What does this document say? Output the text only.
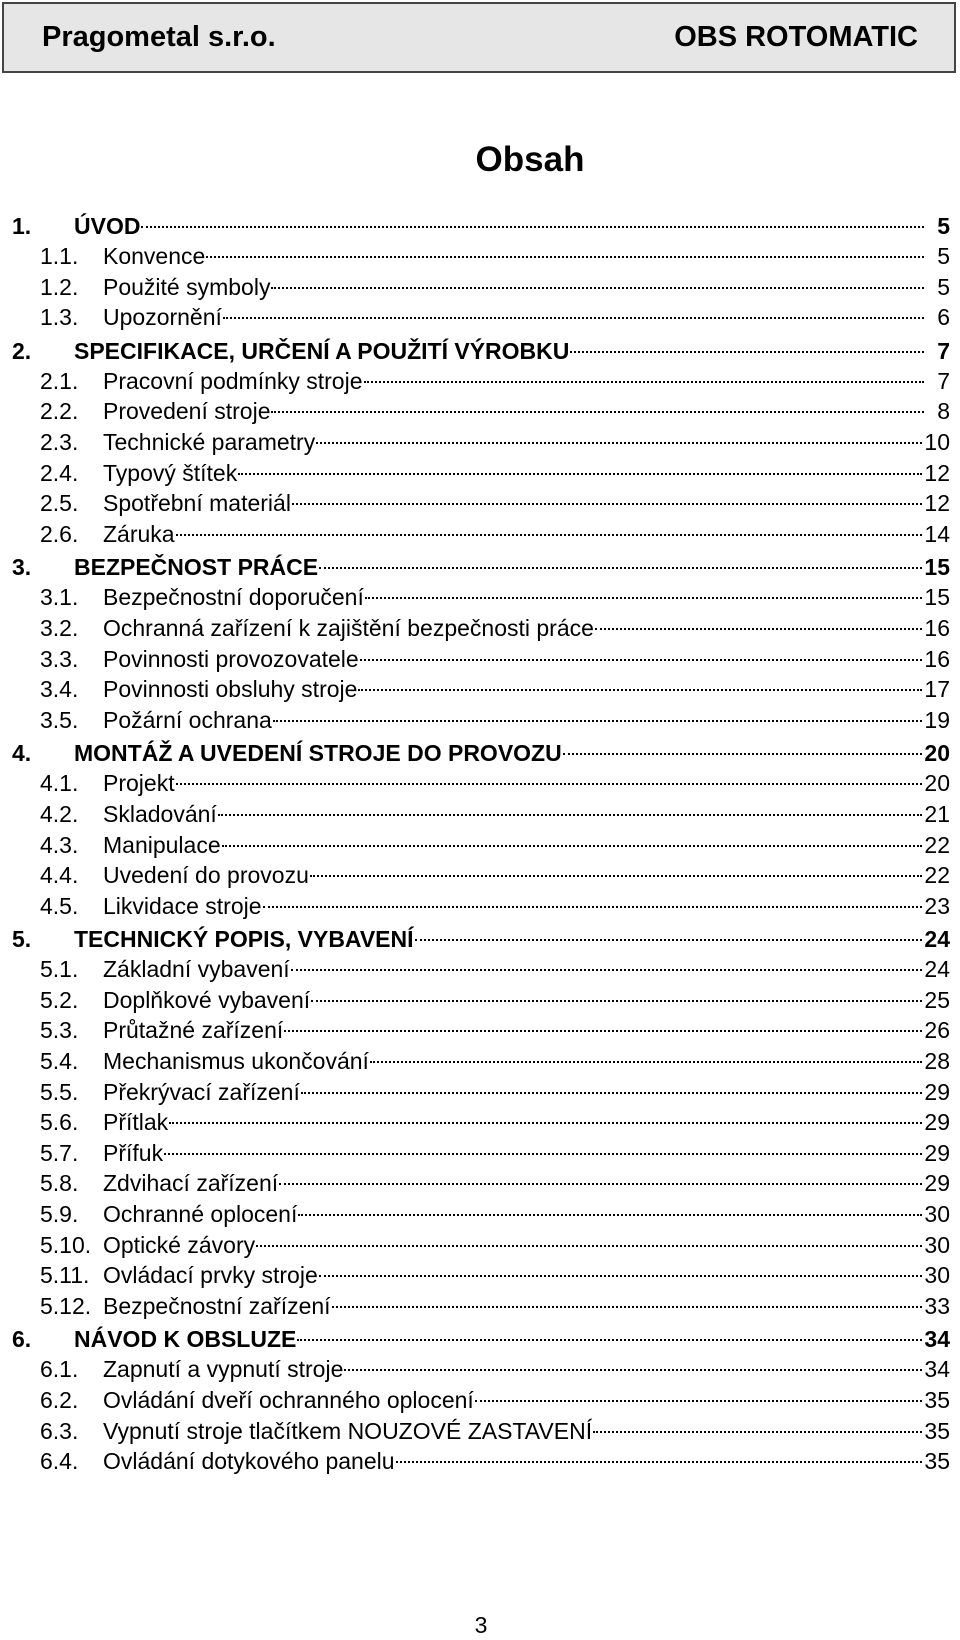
Pragometal s.r.o.	OBS ROTOMATIC
Obsah
1.	ÚVOD	5
1.1.	Konvence	5
1.2.	Použité symboly	5
1.3.	Upozornění	6
2.	SPECIFIKACE, URČENÍ A POUŽITÍ VÝROBKU	7
2.1.	Pracovní podmínky stroje	7
2.2.	Provedení stroje	8
2.3.	Technické parametry	10
2.4.	Typový štítek	12
2.5.	Spotřební materiál	12
2.6.	Záruka	14
3.	BEZPEČNOST PRÁCE	15
3.1.	Bezpečnostní doporučení	15
3.2.	Ochranná zařízení k zajištění bezpečnosti práce	16
3.3.	Povinnosti provozovatele	16
3.4.	Povinnosti obsluhy stroje	17
3.5.	Požární ochrana	19
4.	MONTÁŽ A UVEDENÍ STROJE DO PROVOZU	20
4.1.	Projekt	20
4.2.	Skladování	21
4.3.	Manipulace	22
4.4.	Uvedení do provozu	22
4.5.	Likvidace stroje	23
5.	TECHNICKÝ POPIS, VYBAVENÍ	24
5.1.	Základní vybavení	24
5.2.	Doplňkové vybavení	25
5.3.	Průtažné zařízení	26
5.4.	Mechanismus ukončování	28
5.5.	Překrývací zařízení	29
5.6.	Přítlak	29
5.7.	Přífuk	29
5.8.	Zdvihací zařízení	29
5.9.	Ochranné oplocení	30
5.10. Optické závory	30
5.11. Ovládací prvky stroje	30
5.12. Bezpečnostní zařízení	33
6.	NÁVOD K OBSLUZE	34
6.1.	Zapnutí a vypnutí stroje	34
6.2.	Ovládání dveří ochranného oplocení	35
6.3.	Vypnutí stroje tlačítkem NOUZOVÉ ZASTAVENÍ	35
6.4.	Ovládání dotykového panelu	35
3
